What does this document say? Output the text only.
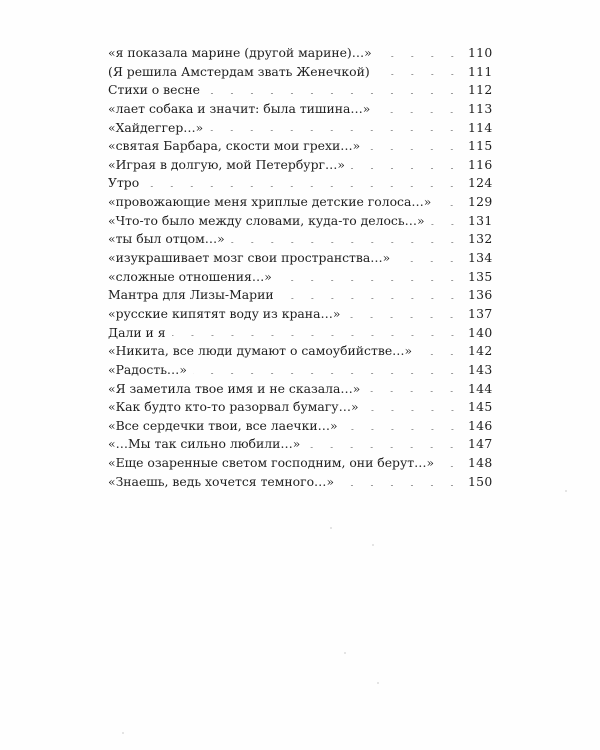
«я показала марине (другой марине)…»	110
(Я решила Амстердам звать Женечкой)	111
Стихи о весне	112
«лает собака и значит: была тишина…»	113
«Хайдеггер…»	114
«святая Барбара, скости мои грехи…»	115
«Играя в долгую, мой Петербург…»	116
Утро	124
«провожающие меня хриплые детские голоса…»	129
«Что-то было между словами, куда-то делось…»	131
«ты был отцом…»	132
«изукрашивает мозг свои пространства…»	134
«сложные отношения…»	135
Мантра для Лизы-Марии	136
«русские кипятят воду из крана…»	137
Дали и я	140
«Никита, все люди думают о самоубийстве…»	142
«Радость…»	143
«Я заметила твое имя и не сказала…»	144
«Как будто кто-то разорвал бумагу…»	145
«Все сердечки твои, все лаечки…»	146
«…Мы так сильно любили…»	147
«Еще озаренные светом господним, они берут…»	148
«Знаешь, ведь хочется темного…»	150
